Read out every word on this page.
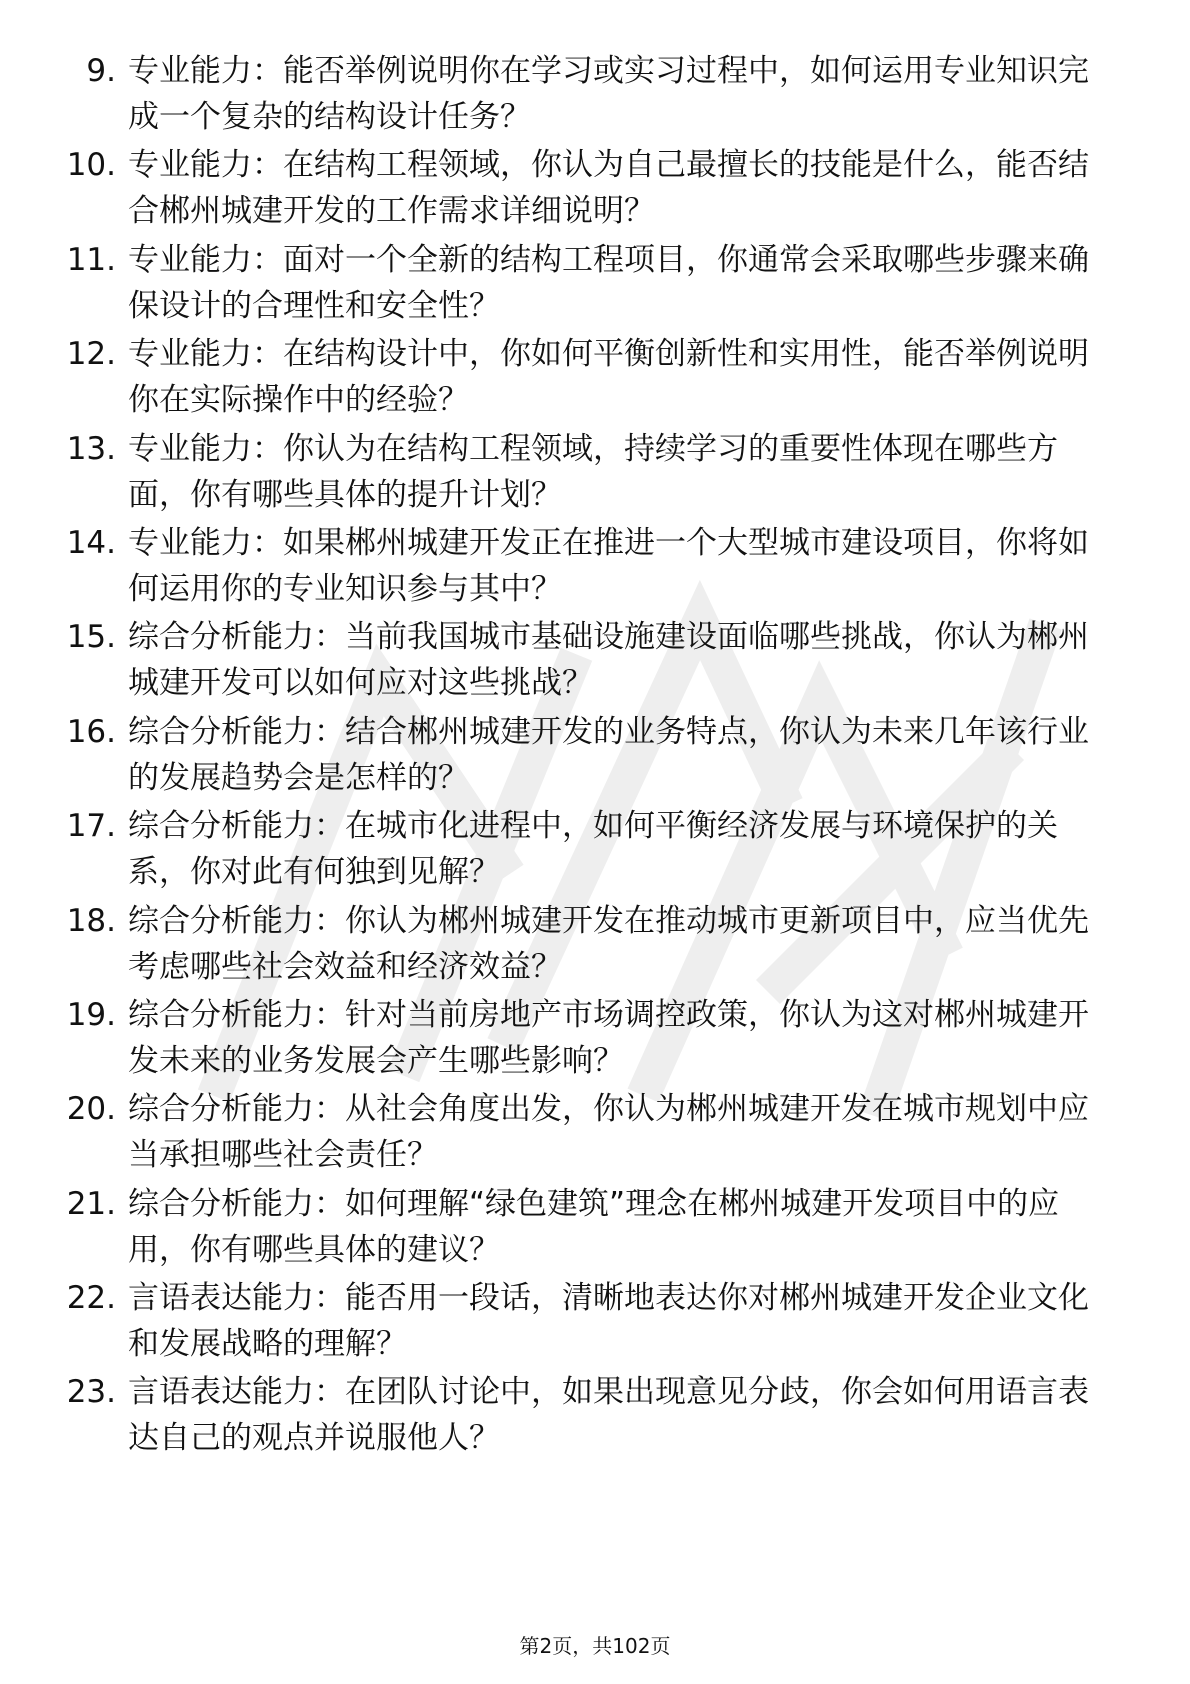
9. 专业能力：能否举例说明你在学习或实习过程中，如何运用专业知识完成一个复杂的结构设计任务？

10. 专业能力：在结构工程领域，你认为自己最擅长的技能是什么，能否结合郴州城建开发的工作需求详细说明？

11. 专业能力：面对一个全新的结构工程项目，你通常会采取哪些步骤来确保设计的合理性和安全性？

12. 专业能力：在结构设计中，你如何平衡创新性和实用性，能否举例说明你在实际操作中的经验？

13. 专业能力：你认为在结构工程领域，持续学习的重要性体现在哪些方面，你有哪些具体的提升计划？

14. 专业能力：如果郴州城建开发正在推进一个大型城市建设项目，你将如何运用你的专业知识参与其中？

15. 综合分析能力：当前我国城市基础设施建设面临哪些挑战，你认为郴州城建开发可以如何应对这些挑战？

16. 综合分析能力：结合郴州城建开发的业务特点，你认为未来几年该行业的发展趋势会是怎样的？

17. 综合分析能力：在城市化进程中，如何平衡经济发展与环境保护的关系，你对此有何独到见解？

18. 综合分析能力：你认为郴州城建开发在推动城市更新项目中，应当优先考虑哪些社会效益和经济效益？

19. 综合分析能力：针对当前房地产市场调控政策，你认为这对郴州城建开发未来的业务发展会产生哪些影响？

20. 综合分析能力：从社会角度出发，你认为郴州城建开发在城市规划中应当承担哪些社会责任？

21. 综合分析能力：如何理解“绿色建筑”理念在郴州城建开发项目中的应用，你有哪些具体的建议？

22. 言语表达能力：能否用一段话，清晰地表达你对郴州城建开发企业文化和发展战略的理解？

23. 言语表达能力：在团队讨论中，如果出现意见分歧，你会如何用语言表达自己的观点并说服他人？

第2页，共102页
